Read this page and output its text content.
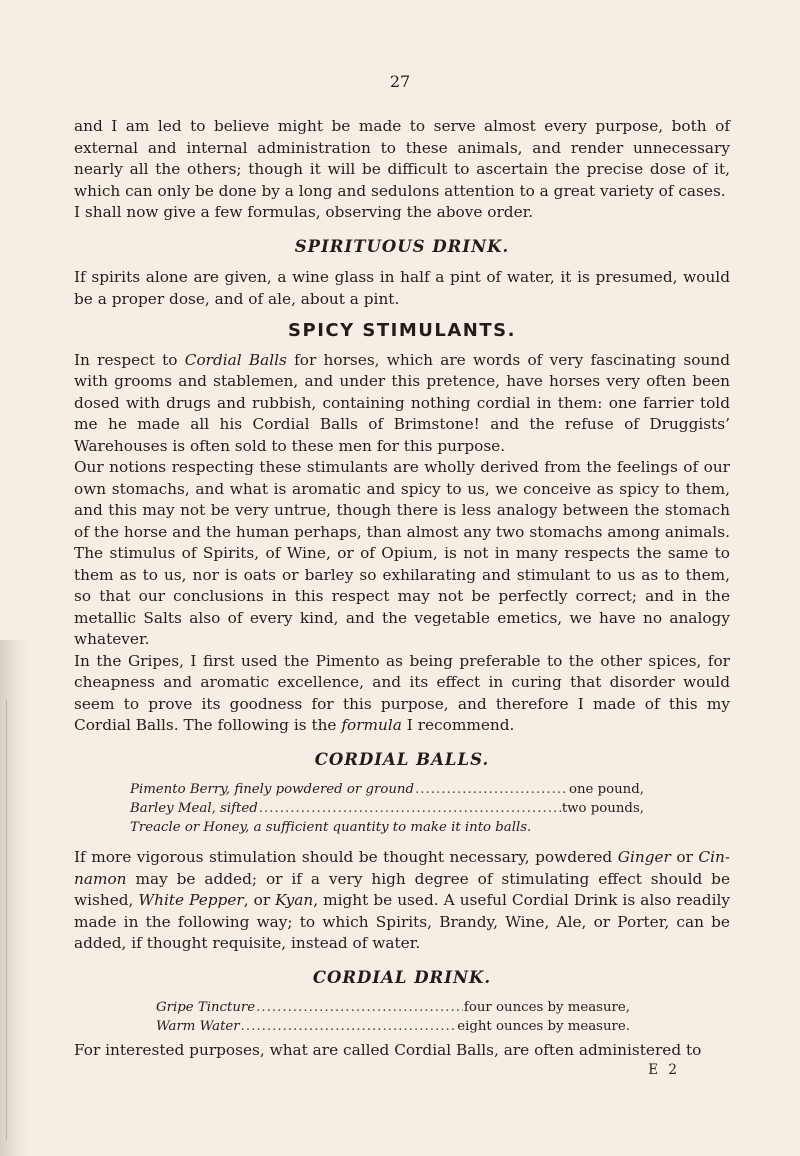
27

and I am led to believe might be made to serve almost every purpose, both of external and internal administration to these animals, and render unnecessary nearly all the others; though it will be difficult to ascertain the precise dose of it, which can only be done by a long and sedulons attention to a great variety of cases.

I shall now give a few formulas, observing the above order.

SPIRITUOUS DRINK.

If spirits alone are given, a wine glass in half a pint of water, it is presumed, would be a proper dose, and of ale, about a pint.

SPICY STIMULANTS.

In respect to Cordial Balls for horses, which are words of very fascinating sound with grooms and stablemen, and under this pretence, have horses very often been dosed with drugs and rubbish, containing nothing cordial in them: one farrier told me he made all his Cordial Balls of Brimstone! and the refuse of Druggists’ Warehouses is often sold to these men for this purpose.

Our notions respecting these stimulants are wholly derived from the feelings of our own stomachs, and what is aromatic and spicy to us, we conceive as spicy to them, and this may not be very untrue, though there is less analogy between the stomach of the horse and the human perhaps, than almost any two stomachs among animals. The stimulus of Spirits, of Wine, or of Opium, is not in many respects the same to them as to us, nor is oats or barley so exhilarating and stimulant to us as to them, so that our conclusions in this respect may not be perfectly correct; and in the metallic Salts also of every kind, and the vegetable emetics, we have no analogy whatever.

In the Gripes, I first used the Pimento as being preferable to the other spices, for cheapness and aromatic excellence, and its effect in curing that disorder would seem to prove its goodness for this purpose, and therefore I made of this my Cordial Balls. The following is the formula I recommend.

CORDIAL BALLS.
Pimento Berry, finely powdered or ground . . .	one pound,
Barley Meal, sifted . . .	two pounds,
Treacle or Honey, a sufficient quantity to make it into balls.

If more vigorous stimulation should be thought necessary, powdered Ginger or Cin- namon may be added; or if a very high degree of stimulating effect should be wished, White Pepper, or Kyan, might be used. A useful Cordial Drink is also readily made in the following way; to which Spirits, Brandy, Wine, Ale, or Porter, can be added, if thought requisite, instead of water.

CORDIAL DRINK.
Gripe Tincture . . .	four ounces by measure,
Warm Water . . .	eight ounces by measure.

For interested purposes, what are called Cordial Balls, are often administered to

E 2
